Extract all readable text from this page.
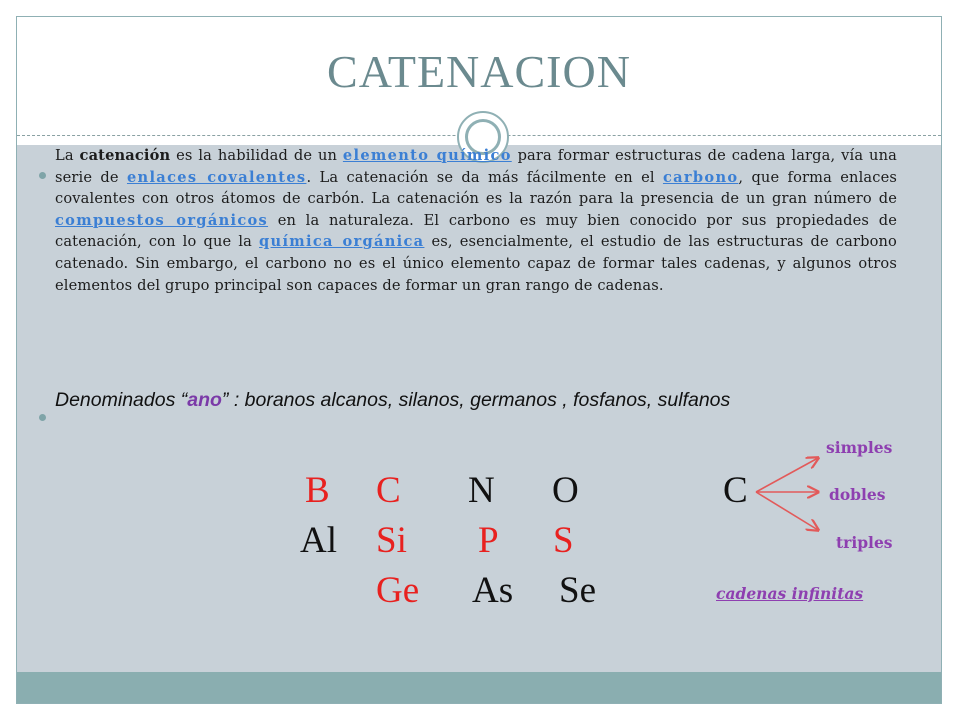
CATENACION
La catenación es la habilidad de un elemento químico para formar estructuras de cadena larga, vía una serie de enlaces covalentes. La catenación se da más fácilmente en el carbono, que forma enlaces covalentes con otros átomos de carbón. La catenación es la razón para la presencia de un gran número de compuestos orgánicos en la naturaleza. El carbono es muy bien conocido por sus propiedades de catenación, con lo que la química orgánica es, esencialmente, el estudio de las estructuras de carbono catenado. Sin embargo, el carbono no es el único elemento capaz de formar tales cadenas, y algunos otros elementos del grupo principal son capaces de formar un gran rango de cadenas.
Denominados “ano” : boranos alcanos, silanos, germanos , fosfanos, sulfanos
B C N O
Al Si P S
Ge As Se
C
simples
dobles
triples
cadenas infinitas
